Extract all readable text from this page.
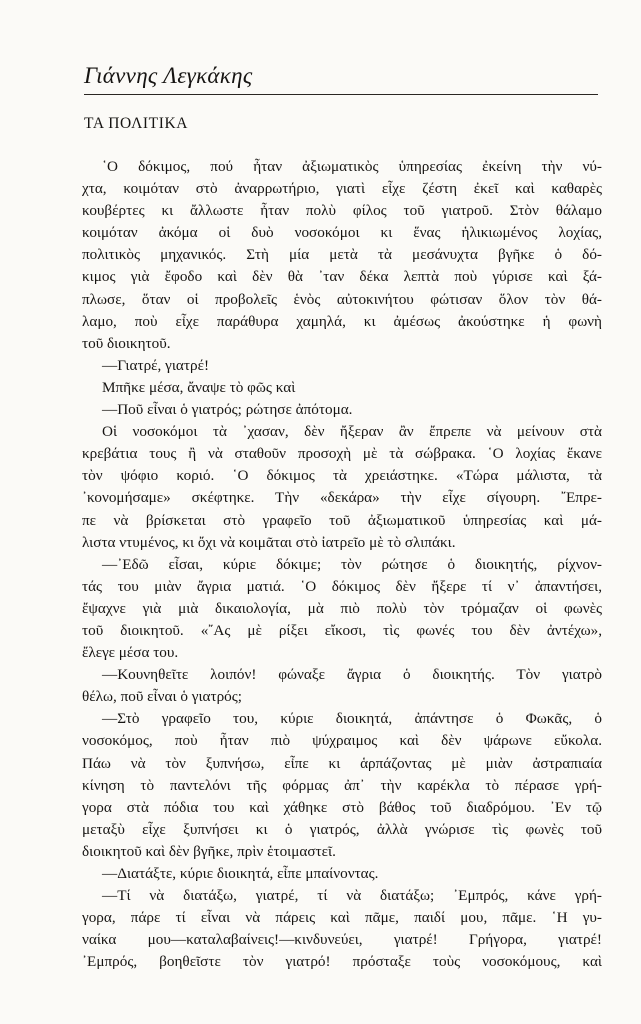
Γιάννης Λεγκάκης
ΤΑ ΠΟΛΙΤΙΚΑ
῾Ο δόκιμος, πού ἦταν ἀξιωματικὸς ὑπηρεσίας ἐκείνη τὴν νύ-
χτα, κοιμόταν στὸ ἀναρρωτήριο, γιατὶ εἶχε ζέστη ἐκεῖ καὶ καθαρὲς
κουβέρτες κι ἄλλωστε ἦταν πολὺ φίλος τοῦ γιατροῦ. Στὸν θάλαμο
κοιμόταν ἀκόμα οἱ δυὸ νοσοκόμοι κι ἕνας ἡλικιωμένος λοχίας,
πολιτικὸς μηχανικός. Στὴ μία μετὰ τὰ μεσάνυχτα βγῆκε ὁ δό-
κιμος γιὰ ἔφοδο καὶ δὲν θὰ ᾿ταν δέκα λεπτὰ ποὺ γύρισε καὶ ξά-
πλωσε, ὅταν οἱ προβολεῖς ἑνὸς αὐτοκινήτου φώτισαν ὅλον τὸν θά-
λαμο, ποὺ εἶχε παράθυρα χαμηλά, κι ἀμέσως ἀκούστηκε ἡ φωνὴ
τοῦ διοικητοῦ.
—Γιατρέ, γιατρέ!
Μπῆκε μέσα, ἄναψε τὸ φῶς καὶ
—Ποῦ εἶναι ὁ γιατρός; ρώτησε ἀπότομα.
Οἱ νοσοκόμοι τὰ ᾿χασαν, δὲν ἤξεραν ἂν ἔπρεπε νὰ μείνουν στὰ
κρεβάτια τους ἢ νὰ σταθοῦν προσοχὴ μὲ τὰ σώβρακα. ῾Ο λοχίας ἔκανε
τὸν ψόφιο κοριό. ῾Ο δόκιμος τὰ χρειάστηκε. «Τώρα μάλιστα, τὰ
᾿κονομήσαμε» σκέφτηκε. Τὴν «δεκάρα» τὴν εἶχε σίγουρη. ῎Επρε-
πε νὰ βρίσκεται στὸ γραφεῖο τοῦ ἀξιωματικοῦ ὑπηρεσίας καὶ μά-
λιστα ντυμένος, κι ὄχι νὰ κοιμᾶται στὸ ἰατρεῖο μὲ τὸ σλιπάκι.
—᾿Εδῶ εἶσαι, κύριε δόκιμε; τὸν ρώτησε ὁ διοικητής, ρίχνον-
τάς του μιὰν ἄγρια ματιά. ῾Ο δόκιμος δὲν ἤξερε τί ν᾿ ἀπαντήσει,
ἔψαχνε γιὰ μιὰ δικαιολογία, μὰ πιὸ πολὺ τὸν τρόμαζαν οἱ φωνὲς
τοῦ διοικητοῦ. «῎Ας μὲ ρίξει εἴκοσι, τὶς φωνές του δὲν ἀντέχω»,
ἔλεγε μέσα του.
—Κουνηθεῖτε λοιπόν! φώναξε ἄγρια ὁ διοικητής. Τὸν γιατρὸ
θέλω, ποῦ εἶναι ὁ γιατρός;
—Στὸ γραφεῖο του, κύριε διοικητά, ἀπάντησε ὁ Φωκᾶς, ὁ
νοσοκόμος, ποὺ ἦταν πιὸ ψύχραιμος καὶ δὲν ψάρωνε εὔκολα.
Πάω νὰ τὸν ξυπνήσω, εἶπε κι ἁρπάζοντας μὲ μιὰν ἀστραπιαία
κίνηση τὸ παντελόνι τῆς φόρμας ἀπ᾿ τὴν καρέκλα τὸ πέρασε γρή-
γορα στὰ πόδια του καὶ χάθηκε στὸ βάθος τοῦ διαδρόμου. ᾿Εν τῷ
μεταξὺ εἶχε ξυπνήσει κι ὁ γιατρός, ἀλλὰ γνώρισε τὶς φωνὲς τοῦ
διοικητοῦ καὶ δὲν βγῆκε, πρὶν ἑτοιμαστεῖ.
—Διατάξτε, κύριε διοικητά, εἶπε μπαίνοντας.
—Τί νὰ διατάξω, γιατρέ, τί νὰ διατάξω; ᾿Εμπρός, κάνε γρή-
γορα, πάρε τί εἶναι νὰ πάρεις καὶ πᾶμε, παιδί μου, πᾶμε. ῾Η γυ-
ναίκα μου—καταλαβαίνεις!—κινδυνεύει, γιατρέ! Γρήγορα, γιατρέ!
᾿Εμπρός, βοηθεῖστε τὸν γιατρό! πρόσταξε τοὺς νοσοκόμους, καὶ
